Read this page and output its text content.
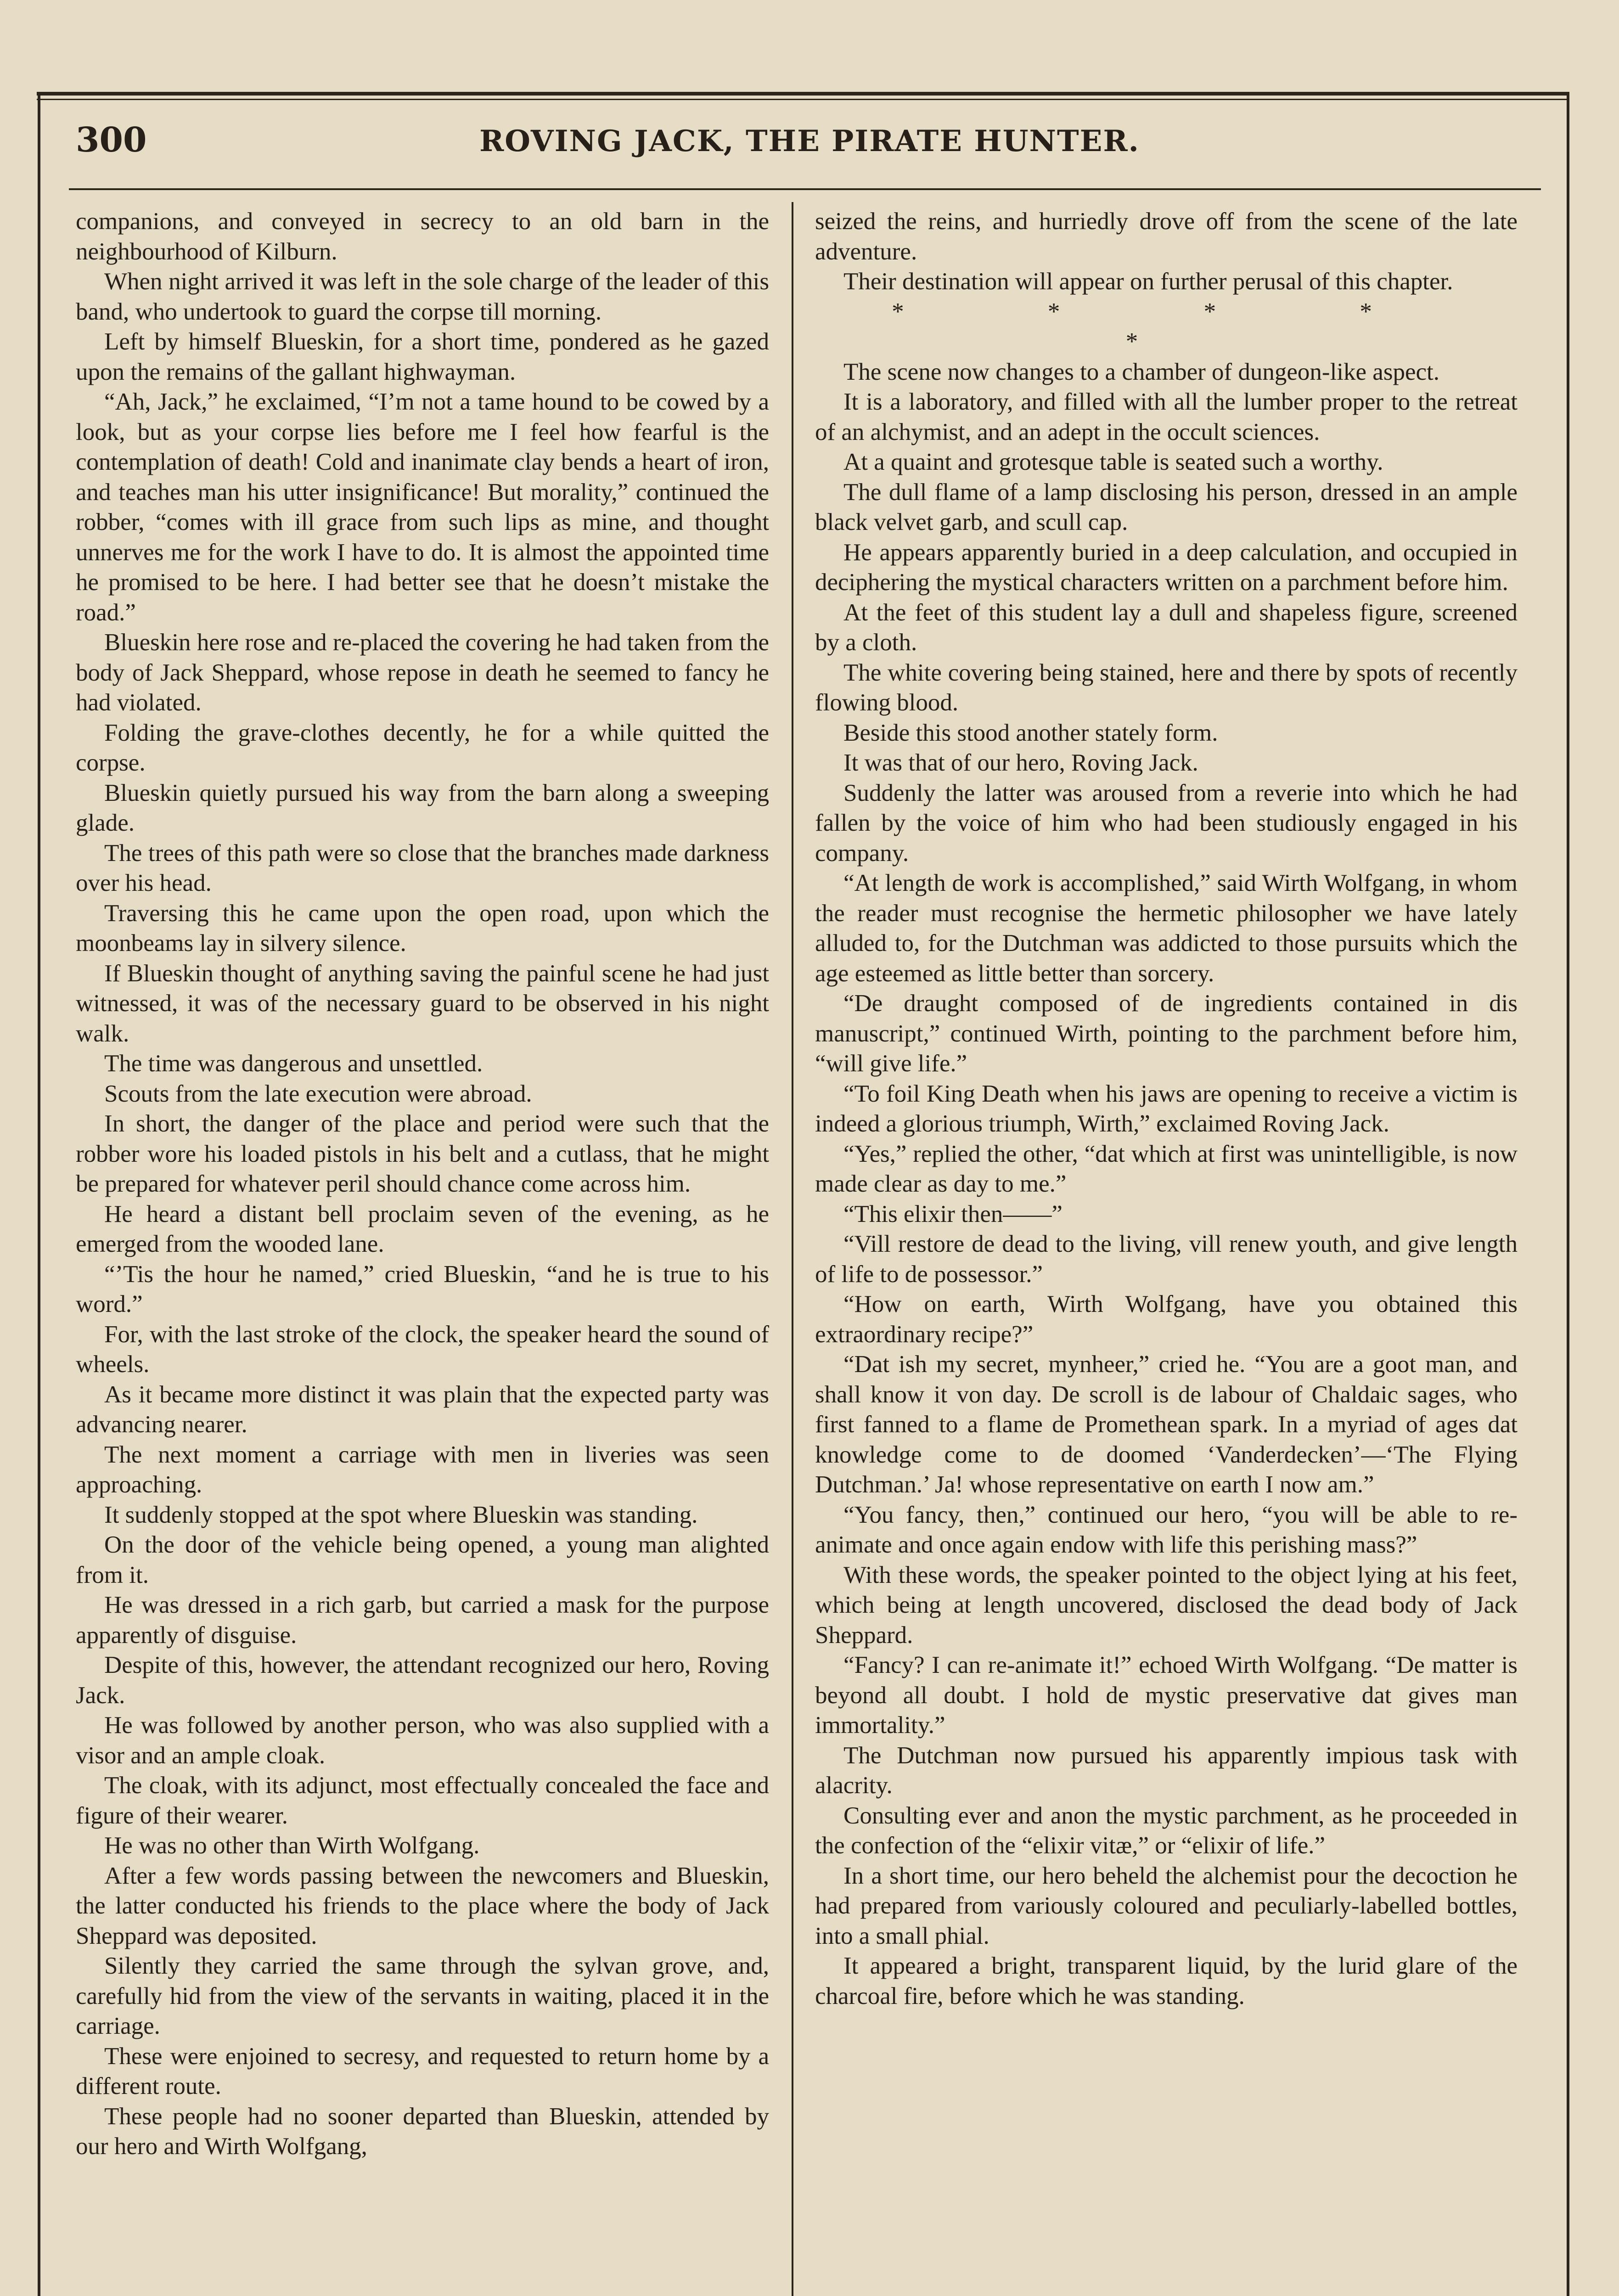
300	ROVING JACK, THE PIRATE HUNTER.

companions, and conveyed in secrecy to an old barn in the neighbourhood of Kilburn.

When night arrived it was left in the sole charge of the leader of this band, who undertook to guard the corpse till morning.

Left by himself Blueskin, for a short time, pondered as he gazed upon the remains of the gallant highwayman.

“Ah, Jack,” he exclaimed, “I’m not a tame hound to be cowed by a look, but as your corpse lies before me I feel how fearful is the contemplation of death! Cold and inanimate clay bends a heart of iron, and teaches man his utter insignificance! But morality,” continued the robber, “comes with ill grace from such lips as mine, and thought unnerves me for the work I have to do. It is almost the appointed time he promised to be here. I had better see that he doesn’t mistake the road.”

Blueskin here rose and re-placed the covering he had taken from the body of Jack Sheppard, whose repose in death he seemed to fancy he had violated.

Folding the grave-clothes decently, he for a while quitted the corpse.

Blueskin quietly pursued his way from the barn along a sweeping glade.

The trees of this path were so close that the branches made darkness over his head.

Traversing this he came upon the open road, upon which the moonbeams lay in silvery silence.

If Blueskin thought of anything saving the painful scene he had just witnessed, it was of the necessary guard to be observed in his night walk.

The time was dangerous and unsettled.

Scouts from the late execution were abroad.

In short, the danger of the place and period were such that the robber wore his loaded pistols in his belt and a cutlass, that he might be prepared for whatever peril should chance come across him.

He heard a distant bell proclaim seven of the evening, as he emerged from the wooded lane.

“’Tis the hour he named,” cried Blueskin, “and he is true to his word.”

For, with the last stroke of the clock, the speaker heard the sound of wheels.

As it became more distinct it was plain that the expected party was advancing nearer.

The next moment a carriage with men in liveries was seen approaching.

It suddenly stopped at the spot where Blueskin was standing.

On the door of the vehicle being opened, a young man alighted from it.

He was dressed in a rich garb, but carried a mask for the purpose apparently of disguise.

Despite of this, however, the attendant recognized our hero, Roving Jack.

He was followed by another person, who was also supplied with a visor and an ample cloak.

The cloak, with its adjunct, most effectually concealed the face and figure of their wearer.

He was no other than Wirth Wolfgang.

After a few words passing between the newcomers and Blueskin, the latter conducted his friends to the place where the body of Jack Sheppard was deposited.

Silently they carried the same through the sylvan grove, and, carefully hid from the view of the servants in waiting, placed it in the carriage.

These were enjoined to secresy, and requested to return home by a different route.

These people had no sooner departed than Blueskin, attended by our hero and Wirth Wolfgang,

seized the reins, and hurriedly drove off from the scene of the late adventure.

Their destination will appear on further perusal of this chapter.

* * * * *

The scene now changes to a chamber of dungeon-like aspect.

It is a laboratory, and filled with all the lumber proper to the retreat of an alchymist, and an adept in the occult sciences.

At a quaint and grotesque table is seated such a worthy.

The dull flame of a lamp disclosing his person, dressed in an ample black velvet garb, and scull cap.

He appears apparently buried in a deep calculation, and occupied in deciphering the mystical characters written on a parchment before him.

At the feet of this student lay a dull and shapeless figure, screened by a cloth.

The white covering being stained, here and there by spots of recently flowing blood.

Beside this stood another stately form.

It was that of our hero, Roving Jack.

Suddenly the latter was aroused from a reverie into which he had fallen by the voice of him who had been studiously engaged in his company.

“At length de work is accomplished,” said Wirth Wolfgang, in whom the reader must recognise the hermetic philosopher we have lately alluded to, for the Dutchman was addicted to those pursuits which the age esteemed as little better than sorcery.

“De draught composed of de ingredients contained in dis manuscript,” continued Wirth, pointing to the parchment before him, “will give life.”

“To foil King Death when his jaws are opening to receive a victim is indeed a glorious triumph, Wirth,” exclaimed Roving Jack.

“Yes,” replied the other, “dat which at first was unintelligible, is now made clear as day to me.”

“This elixir then——”

“Vill restore de dead to the living, vill renew youth, and give length of life to de possessor.”

“How on earth, Wirth Wolfgang, have you obtained this extraordinary recipe?”

“Dat ish my secret, mynheer,” cried he. “You are a goot man, and shall know it von day. De scroll is de labour of Chaldaic sages, who first fanned to a flame de Promethean spark. In a myriad of ages dat knowledge come to de doomed ‘Vanderdecken’—‘The Flying Dutchman.’ Ja! whose representative on earth I now am.”

“You fancy, then,” continued our hero, “you will be able to re-animate and once again endow with life this perishing mass?”

With these words, the speaker pointed to the object lying at his feet, which being at length uncovered, disclosed the dead body of Jack Sheppard.

“Fancy? I can re-animate it!” echoed Wirth Wolfgang. “De matter is beyond all doubt. I hold de mystic preservative dat gives man immortality.”

The Dutchman now pursued his apparently impious task with alacrity.

Consulting ever and anon the mystic parchment, as he proceeded in the confection of the “elixir vitæ,” or “elixir of life.”

In a short time, our hero beheld the alchemist pour the decoction he had prepared from variously coloured and peculiarly-labelled bottles, into a small phial.

It appeared a bright, transparent liquid, by the lurid glare of the charcoal fire, before which he was standing.
